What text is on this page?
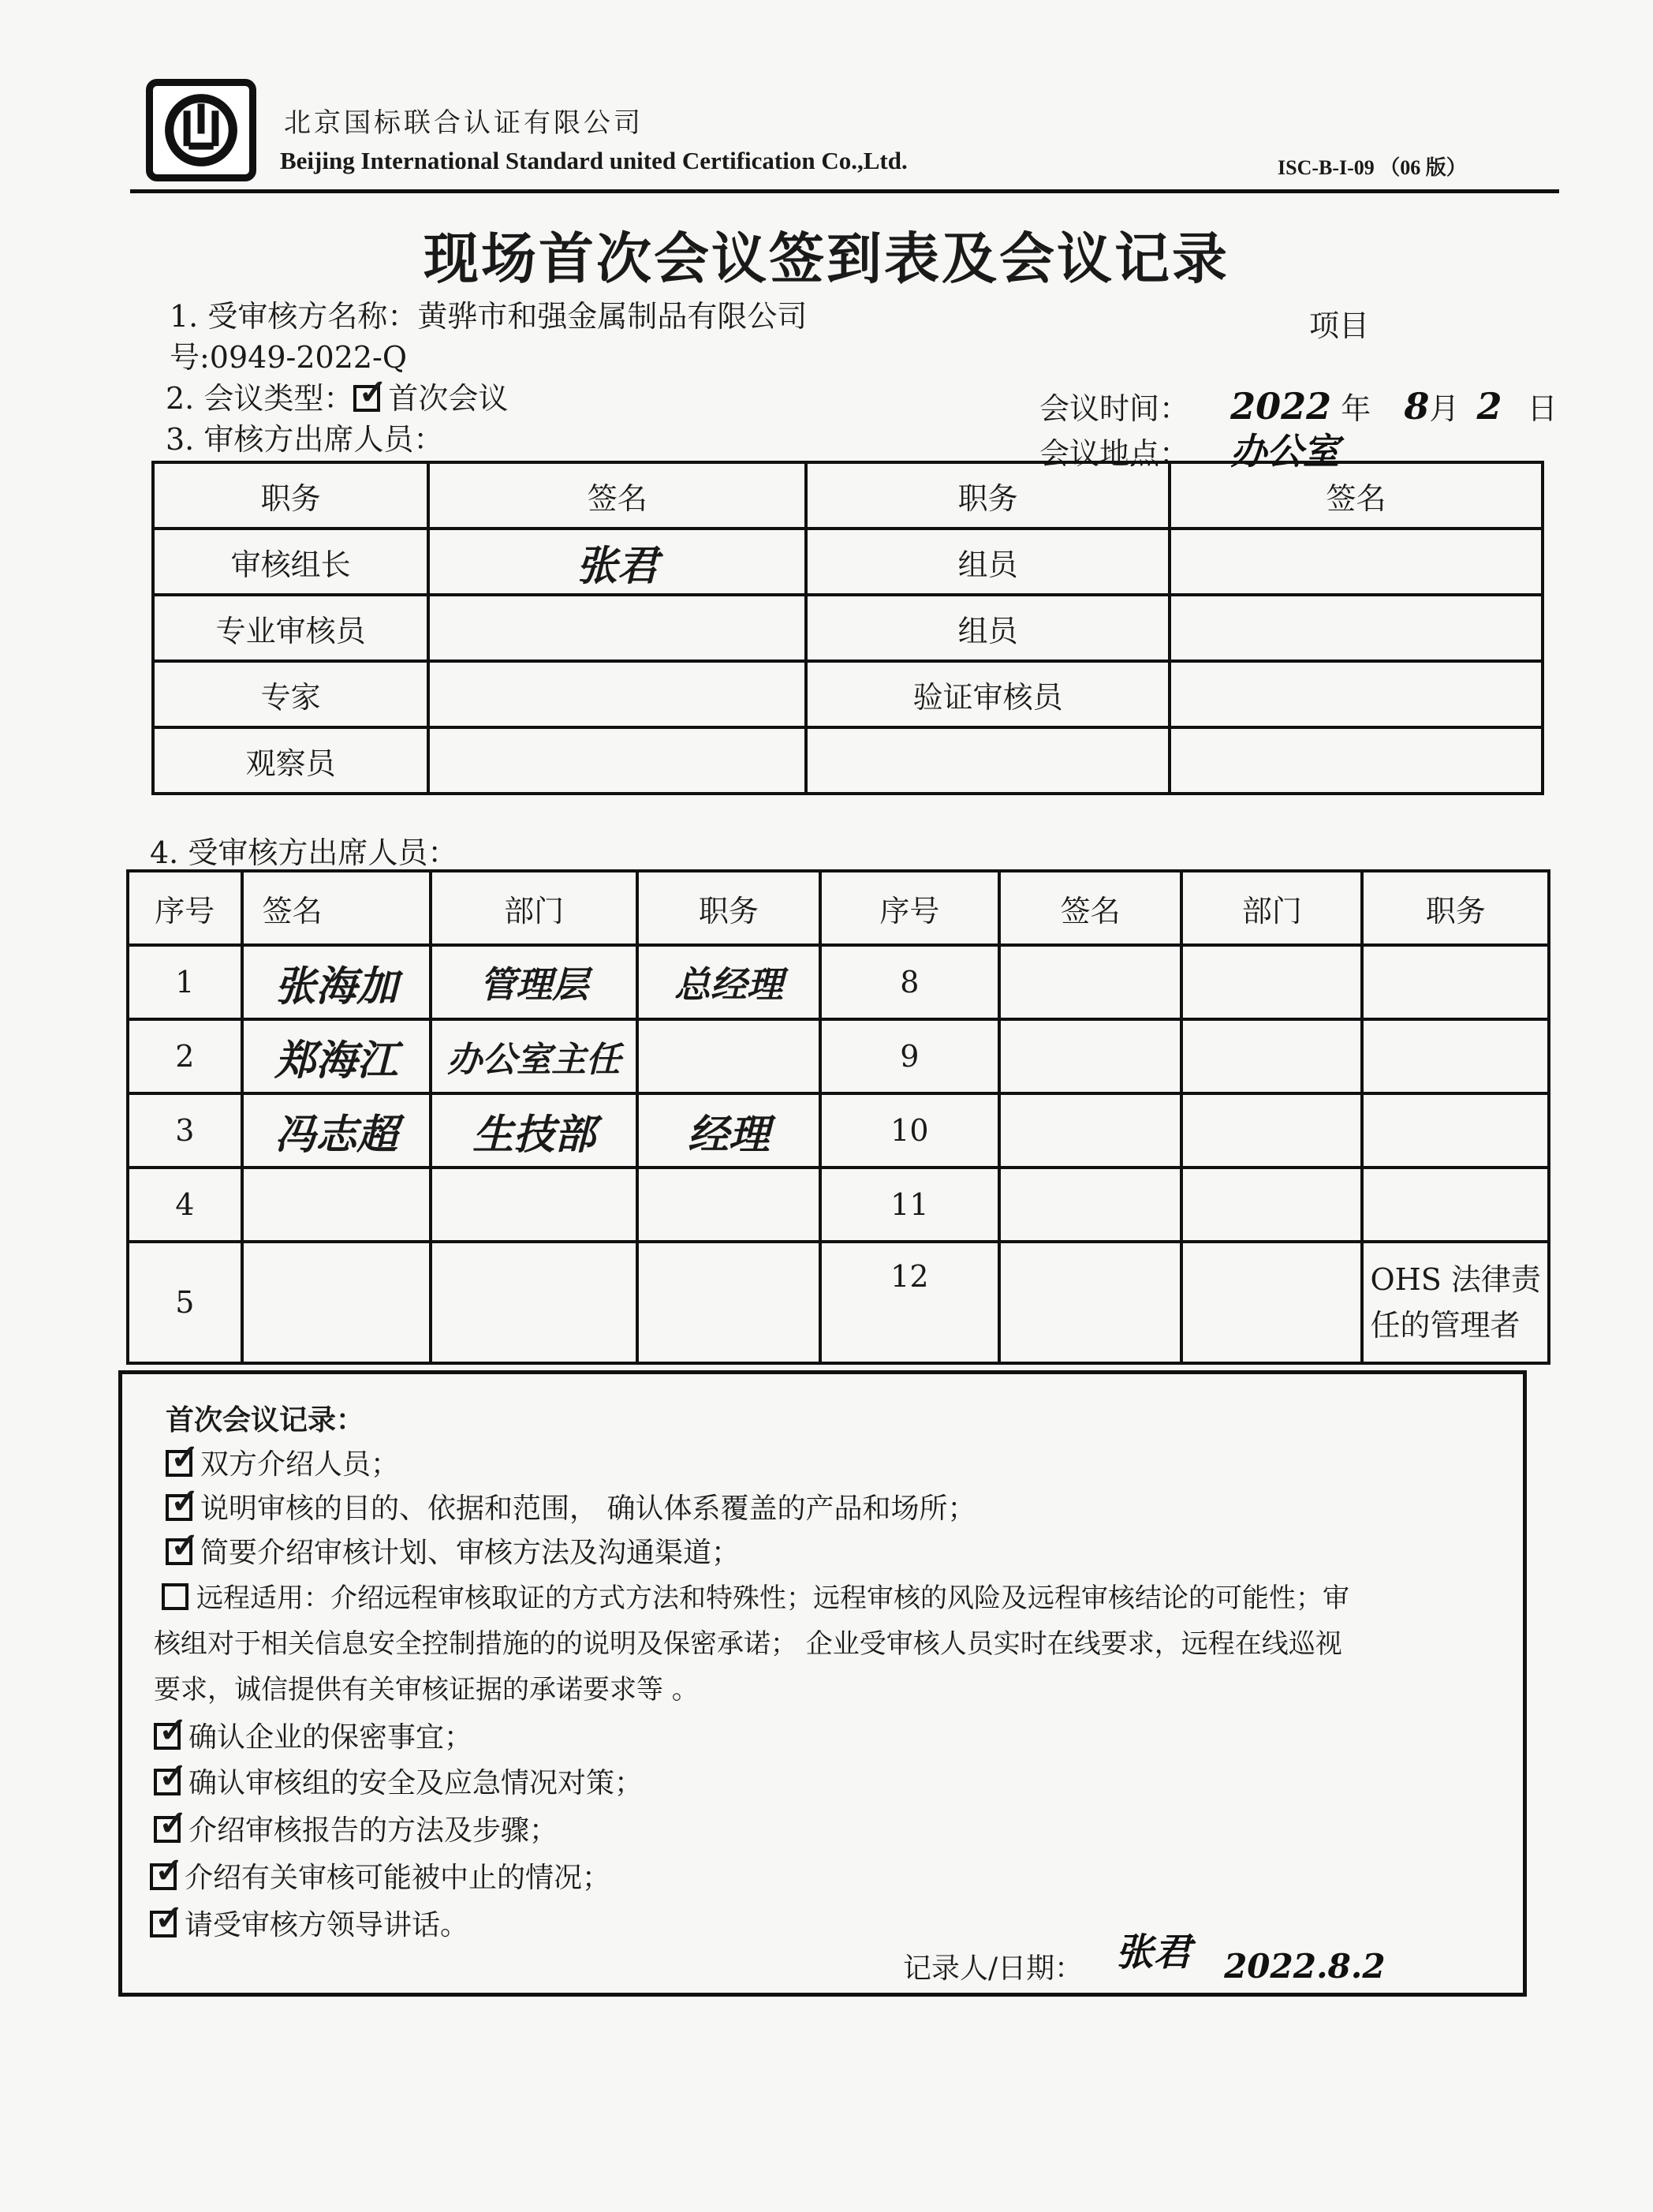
北京国标联合认证有限公司
Beijing International Standard united Certification Co.,Ltd.	ISC-B-I-09 （06 版）
现场首次会议签到表及会议记录
1. 受审核方名称：黄骅市和强金属制品有限公司	项目
号:0949-2022-Q
2. 会议类型： ✓ 首次会议
3. 审核方出席人员：
会议时间： 2022 年 8月 2 日
会议地点： 办公室
职务	签名	职务	签名
审核组长	张君	组员	
专业审核员		组员	
专家		验证审核员	
观察员			
4. 受审核方出席人员：
序号	签名	部门	职务	序号	签名	部门	职务
1	张海加	管理层	总经理	8			
2	郑海江	办公室主任		9			
3	冯志超	生技部	经理	10			
4				11			
5				12			OHS 法律责任的管理者
首次会议记录：
✓双方介绍人员；
✓说明审核的目的、依据和范围， 确认体系覆盖的产品和场所；
✓简要介绍审核计划、审核方法及沟通渠道；
远程适用：介绍远程审核取证的方式方法和特殊性；远程审核的风险及远程审核结论的可能性；审
核组对于相关信息安全控制措施的的说明及保密承诺； 企业受审核人员实时在线要求，远程在线巡视
要求，诚信提供有关审核证据的承诺要求等 。
✓确认企业的保密事宜；
✓确认审核组的安全及应急情况对策；
✓介绍审核报告的方法及步骤；
✓介绍有关审核可能被中止的情况；
✓请受审核方领导讲话。
记录人/日期： 张君 2022.8.2
